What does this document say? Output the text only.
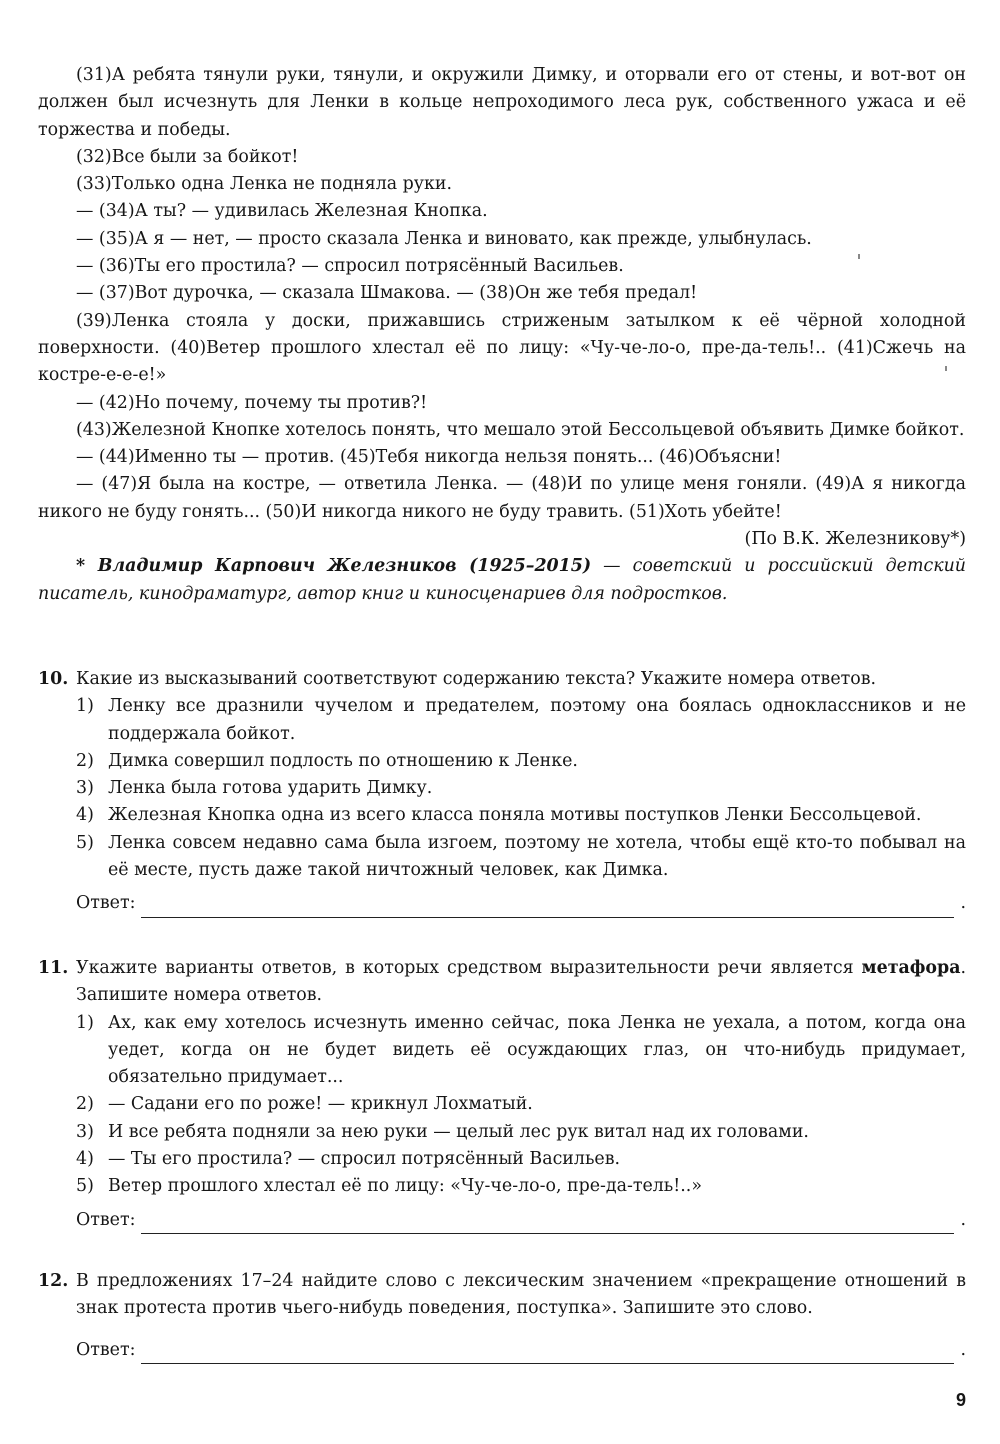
(31)А ребята тянули руки, тянули, и окружили Димку, и оторвали его от стены, и вот-вот он должен был исчезнуть для Ленки в кольце непроходимого леса рук, собственного ужаса и её торжества и победы.

(32)Все были за бойкот!

(33)Только одна Ленка не подняла руки.

— (34)А ты? — удивилась Железная Кнопка.

— (35)А я — нет, — просто сказала Ленка и виновато, как прежде, улыбнулась.

— (36)Ты его простила? — спросил потрясённый Васильев.

— (37)Вот дурочка, — сказала Шмакова. — (38)Он же тебя предал!

(39)Ленка стояла у доски, прижавшись стриженым затылком к её чёрной холодной поверхности. (40)Ветер прошлого хлестал её по лицу: «Чу-че-ло-о, пре-да-тель!.. (41)Сжечь на костре-е-е-е!»

— (42)Но почему, почему ты против?!

(43)Железной Кнопке хотелось понять, что мешало этой Бессольцевой объявить Димке бойкот.

— (44)Именно ты — против. (45)Тебя никогда нельзя понять... (46)Объясни!

— (47)Я была на костре, — ответила Ленка. — (48)И по улице меня гоняли. (49)А я никогда никого не буду гонять... (50)И никогда никого не буду травить. (51)Хоть убейте!

(По В.К. Железникову*)

* Владимир Карпович Железников (1925–2015) — советский и российский детский писатель, кинодраматург, автор книг и киносценариев для подростков.

10. Какие из высказываний соответствуют содержанию текста? Укажите номера ответов.
1) Ленку все дразнили чучелом и предателем, поэтому она боялась одноклассников и не поддержала бойкот.
2) Димка совершил подлость по отношению к Ленке.
3) Ленка была готова ударить Димку.
4) Железная Кнопка одна из всего класса поняла мотивы поступков Ленки Бессольцевой.
5) Ленка совсем недавно сама была изгоем, поэтому не хотела, чтобы ещё кто-то побывал на её месте, пусть даже такой ничтожный человек, как Димка.
Ответ:	.
11. Укажите варианты ответов, в которых средством выразительности речи является метафора. Запишите номера ответов.
1) Ах, как ему хотелось исчезнуть именно сейчас, пока Ленка не уехала, а потом, когда она уедет, когда он не будет видеть её осуждающих глаз, он что-нибудь придумает, обязательно придумает...
2) — Садани его по роже! — крикнул Лохматый.
3) И все ребята подняли за нею руки — целый лес рук витал над их головами.
4) — Ты его простила? — спросил потрясённый Васильев.
5) Ветер прошлого хлестал её по лицу: «Чу-че-ло-о, пре-да-тель!..»
Ответ:	.
12. В предложениях 17–24 найдите слово с лексическим значением «прекращение отношений в знак протеста против чьего-нибудь поведения, поступка». Запишите это слово.
Ответ:	.
9
